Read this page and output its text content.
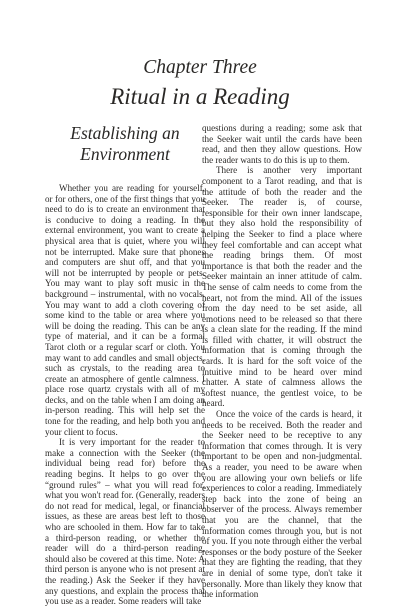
Chapter Three
Ritual in a Reading
Establishing an Environment

Whether you are reading for yourself, or for others, one of the first things that you need to do is to create an environment that is conducive to doing a reading. In the external environment, you want to create a physical area that is quiet, where you will not be interrupted. Make sure that phones and computers are shut off, and that you will not be interrupted by people or pets. You may want to play soft music in the background – instrumental, with no vocals. You may want to add a cloth covering of some kind to the table or area where you will be doing the reading. This can be any type of material, and it can be a formal Tarot cloth or a regular scarf or cloth. You may want to add candles and small objects, such as crystals, to the reading area to create an atmosphere of gentle calmness. I place rose quartz crystals with all of my decks, and on the table when I am doing an in-person reading. This will help set the tone for the reading, and help both you and your client to focus.

It is very important for the reader to make a connection with the Seeker (the individual being read for) before the reading begins. It helps to go over the “ground rules” – what you will read for, what you won't read for. (Generally, readers do not read for medical, legal, or financial issues, as these are areas best left to those who are schooled in them. How far to take a third-person reading, or whether the reader will do a third-person reading, should also be covered at this time. Note: A third person is anyone who is not present at the reading.) Ask the Seeker if they have any questions, and explain the process that you use as a reader. Some readers will take

questions during a reading; some ask that the Seeker wait until the cards have been read, and then they allow questions. How the reader wants to do this is up to them.

There is another very important component to a Tarot reading, and that is the attitude of both the reader and the Seeker. The reader is, of course, responsible for their own inner landscape, but they also hold the responsibility of helping the Seeker to find a place where they feel comfortable and can accept what the reading brings them. Of most importance is that both the reader and the Seeker maintain an inner attitude of calm. The sense of calm needs to come from the heart, not from the mind. All of the issues from the day need to be set aside, all emotions need to be released so that there is a clean slate for the reading. If the mind is filled with chatter, it will obstruct the information that is coming through the cards. It is hard for the soft voice of the intuitive mind to be heard over mind chatter. A state of calmness allows the softest nuance, the gentlest voice, to be heard.

Once the voice of the cards is heard, it needs to be received. Both the reader and the Seeker need to be receptive to any information that comes through. It is very important to be open and non-judgmental. As a reader, you need to be aware when you are allowing your own beliefs or life experiences to color a reading. Immediately step back into the zone of being an observer of the process. Always remember that you are the channel, that the information comes through you, but is not of you. If you note through either the verbal responses or the body posture of the Seeker that they are fighting the reading, that they are in denial of some type, don't take it personally. More than likely they know that the information
